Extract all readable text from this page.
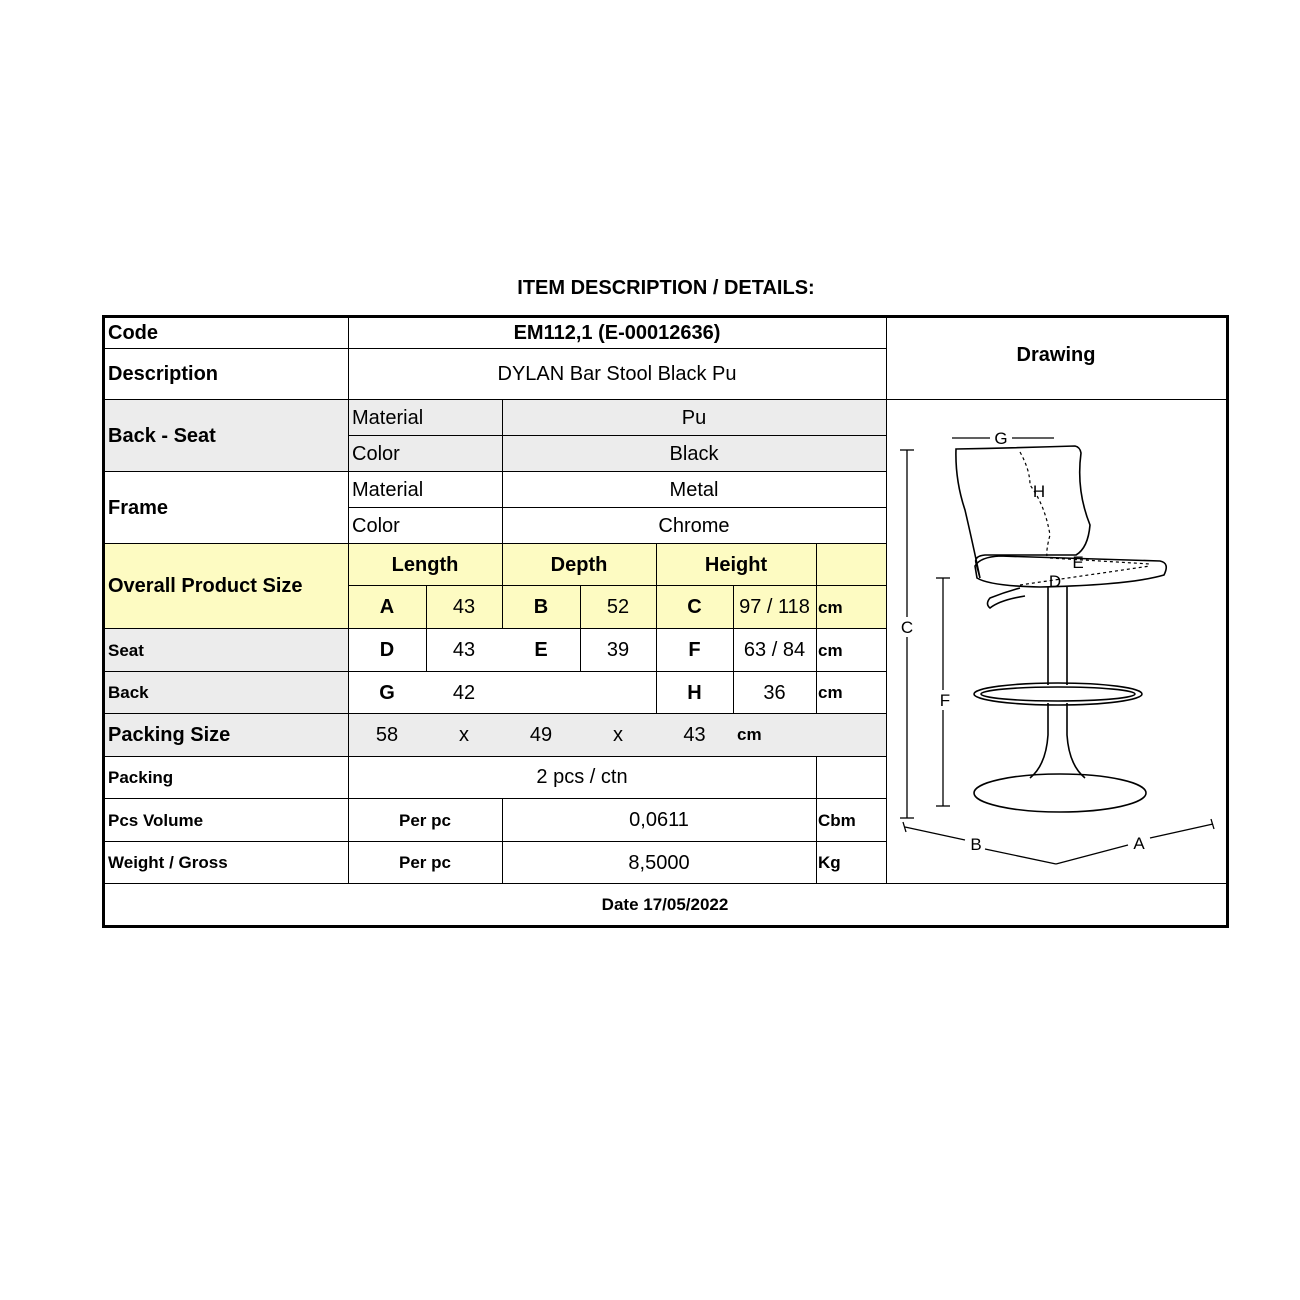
ITEM DESCRIPTION / DETAILS:
Code	EM112,1 (E-00012636)
Description	DYLAN Bar Stool Black Pu
Drawing
Back - Seat
Material	Pu
Color	Black
Frame
Material	Metal
Color	Chrome
Overall Product Size
Length	Depth	Height
A	43	B	52	C	97 / 118 cm
Seat	D	43	E	39	F	63 / 84 cm
Back	G	42	H	36	cm
Packing Size	58	x	49	x	43	cm
Packing	2 pcs / ctn
Pcs Volume	Per pc	0,0611	Cbm
Weight / Gross	Per pc	8,5000	Kg
Date 17/05/2022
G
H
E
D
C
F
B	A
